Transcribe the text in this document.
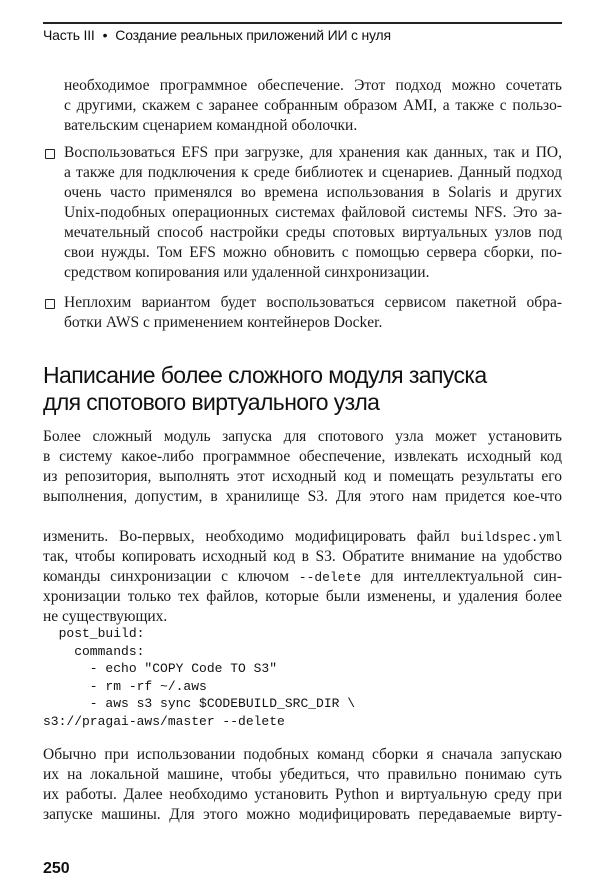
Часть III • Создание реальных приложений ИИ с нуля
необходимое программное обеспечение. Этот подход можно сочетать
с другими, скажем с заранее собранным образом AMI, а также с пользо-
вательским сценарием командной оболочки.
Воспользоваться EFS при загрузке, для хранения как данных, так и ПО,
а также для подключения к среде библиотек и сценариев. Данный подход
очень часто применялся во времена использования в Solaris и других
Unix-подобных операционных системах файловой системы NFS. Это за-
мечательный способ настройки среды спотовых виртуальных узлов под
свои нужды. Том EFS можно обновить с помощью сервера сборки, по-
средством копирования или удаленной синхронизации.
Неплохим вариантом будет воспользоваться сервисом пакетной обра-
ботки AWS с применением контейнеров Docker.
Написание более сложного модуля запуска
для спотового виртуального узла
Более сложный модуль запуска для спотового узла может установить
в систему какое-либо программное обеспечение, извлекать исходный код
из репозитория, выполнять этот исходный код и помещать результаты его
выполнения, допустим, в хранилище S3. Для этого нам придется кое-что
post_build:
commands:
- echo "COPY Code TO S3"
- rm -rf ~/.aws
- aws s3 sync $CODEBUILD_SRC_DIR \
s3://pragai-aws/master --delete
Обычно при использовании подобных команд сборки я сначала запускаю
их на локальной машине, чтобы убедиться, что правильно понимаю суть
их работы. Далее необходимо установить Python и виртуальную среду при
запуске машины. Для этого можно модифицировать передаваемые вирту-
изменить. Во-первых, необходимо модифицировать файл buildspec.yml
так, чтобы копировать исходный код в S3. Обратите внимание на удобство
команды синхронизации с ключом --delete для интеллектуальной син-
хронизации только тех файлов, которые были изменены, и удаления более
не существующих.
250
